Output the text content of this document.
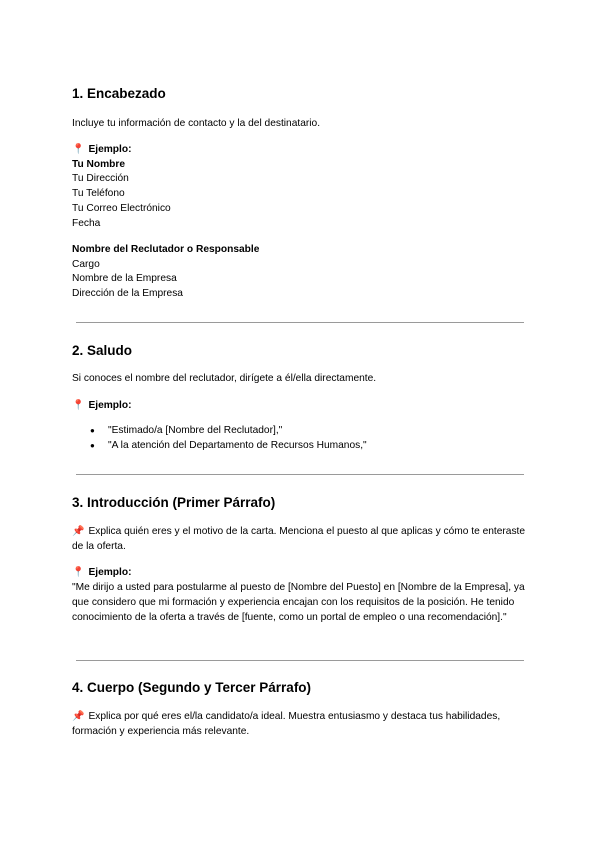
1. Encabezado
Incluye tu información de contacto y la del destinatario.
📍 Ejemplo:
Tu Nombre
Tu Dirección
Tu Teléfono
Tu Correo Electrónico
Fecha
Nombre del Reclutador o Responsable
Cargo
Nombre de la Empresa
Dirección de la Empresa
2. Saludo
Si conoces el nombre del reclutador, dirígete a él/ella directamente.
📍 Ejemplo:
● "Estimado/a [Nombre del Reclutador],"
● "A la atención del Departamento de Recursos Humanos,"
3. Introducción (Primer Párrafo)
📌 Explica quién eres y el motivo de la carta. Menciona el puesto al que aplicas y cómo te enteraste de la oferta.
📍 Ejemplo:
"Me dirijo a usted para postularme al puesto de [Nombre del Puesto] en [Nombre de la Empresa], ya que considero que mi formación y experiencia encajan con los requisitos de la posición. He tenido conocimiento de la oferta a través de [fuente, como un portal de empleo o una recomendación]."
4. Cuerpo (Segundo y Tercer Párrafo)
📌 Explica por qué eres el/la candidato/a ideal. Muestra entusiasmo y destaca tus habilidades, formación y experiencia más relevante.
